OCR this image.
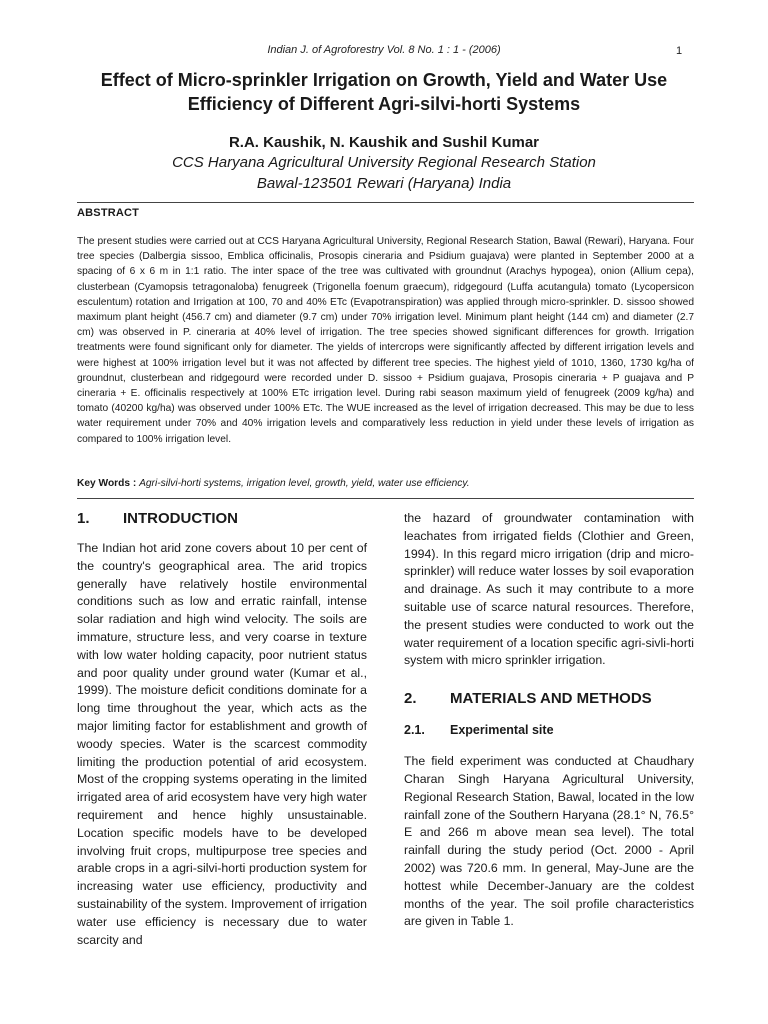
Indian J. of Agroforestry Vol. 8 No. 1 : 1 - (2006)	1
Effect of Micro-sprinkler Irrigation on Growth, Yield and Water Use
Efficiency of Different Agri-silvi-horti Systems
R.A. Kaushik, N. Kaushik and Sushil Kumar
CCS Haryana Agricultural University Regional Research Station
Bawal-123501 Rewari (Haryana) India
ABSTRACT

The present studies were carried out at CCS Haryana Agricultural University, Regional Research Station, Bawal (Rewari), Haryana. Four tree species (Dalbergia sissoo, Emblica officinalis, Prosopis cineraria and Psidium guajava) were planted in September 2000 at a spacing of 6 x 6 m in 1:1 ratio. The inter space of the tree was cultivated with groundnut (Arachys hypogea), onion (Allium cepa), clusterbean (Cyamopsis tetragonaloba) fenugreek (Trigonella foenum graecum), ridgegourd (Luffa acutangula) tomato (Lycopersicon esculentum) rotation and Irrigation at 100, 70 and 40% ETc (Evapotranspiration) was applied through micro-sprinkler. D. sissoo showed maximum plant height (456.7 cm) and diameter (9.7 cm) under 70% irrigation level. Minimum plant height (144 cm) and diameter (2.7 cm) was observed in P. cineraria at 40% level of irrigation. The tree species showed significant differences for growth. Irrigation treatments were found significant only for diameter. The yields of intercrops were significantly affected by different irrigation levels and were highest at 100% irrigation level but it was not affected by different tree species. The highest yield of 1010, 1360, 1730 kg/ha of groundnut, clusterbean and ridgegourd were recorded under D. sissoo + Psidium guajava, Prosopis cineraria + P guajava and P cineraria + E. officinalis respectively at 100% ETc irrigation level. During rabi season maximum yield of fenugreek (2009 kg/ha) and tomato (40200 kg/ha) was observed under 100% ETc. The WUE increased as the level of irrigation decreased. This may be due to less water requirement under 70% and 40% irrigation levels and comparatively less reduction in yield under these levels of irrigation as compared to 100% irrigation level.

Key Words : Agri-silvi-horti systems, irrigation level, growth, yield, water use efficiency.
1.	INTRODUCTION

The Indian hot arid zone covers about 10 per cent of the country's geographical area. The arid tropics generally have relatively hostile environmental conditions such as low and erratic rainfall, intense solar radiation and high wind velocity. The soils are immature, structure less, and very coarse in texture with low water holding capacity, poor nutrient status and poor quality under ground water (Kumar et al., 1999). The moisture deficit conditions dominate for a long time throughout the year, which acts as the major limiting factor for establishment and growth of woody species. Water is the scarcest commodity limiting the production potential of arid ecosystem. Most of the cropping systems operating in the limited irrigated area of arid ecosystem have very high water requirement and hence highly unsustainable. Location specific models have to be developed involving fruit crops, multipurpose tree species and arable crops in a agri-silvi-horti production system for increasing water use efficiency, productivity and sustainability of the system. Improvement of irrigation water use efficiency is necessary due to water scarcity and

the hazard of groundwater contamination with leachates from irrigated fields (Clothier and Green, 1994). In this regard micro irrigation (drip and micro-sprinkler) will reduce water losses by soil evaporation and drainage. As such it may contribute to a more suitable use of scarce natural resources. Therefore, the present studies were conducted to work out the water requirement of a location specific agri-sivli-horti system with micro sprinkler irrigation.

2.	MATERIALS AND METHODS
2.1.	Experimental site

The field experiment was conducted at Chaudhary Charan Singh Haryana Agricultural University, Regional Research Station, Bawal, located in the low rainfall zone of the Southern Haryana (28.1° N, 76.5° E and 266 m above mean sea level). The total rainfall during the study period (Oct. 2000 - April 2002) was 720.6 mm. In general, May-June are the hottest while December-January are the coldest months of the year. The soil profile characteristics are given in Table 1.
